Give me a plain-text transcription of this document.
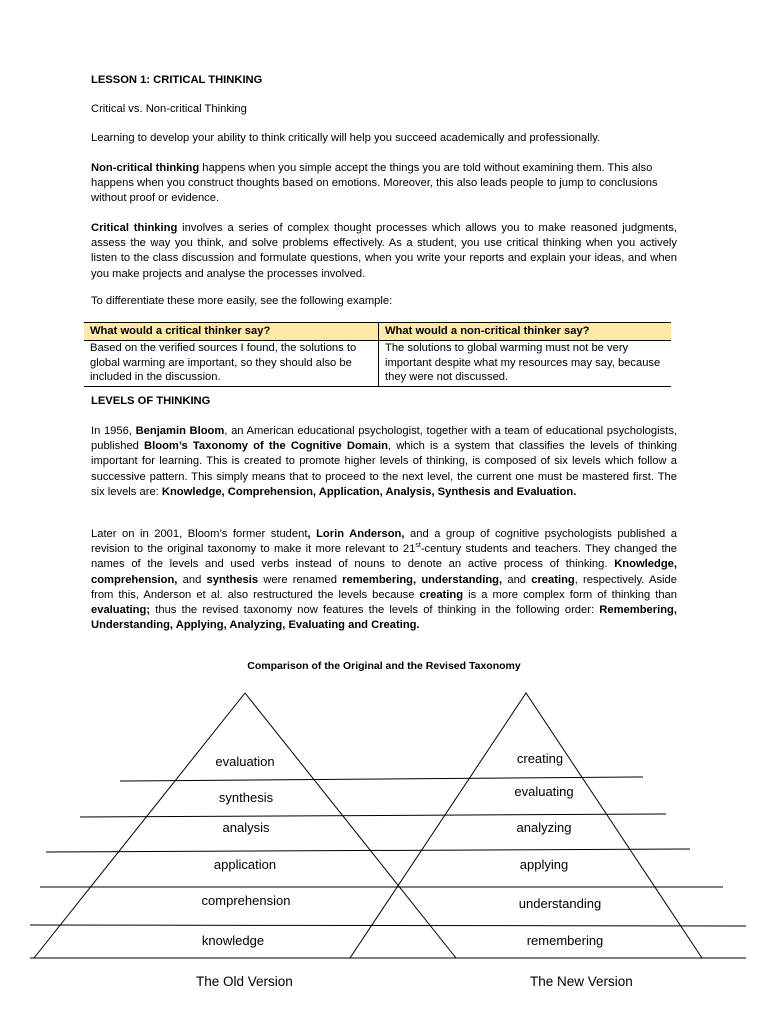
LESSON 1: CRITICAL THINKING
Critical vs. Non-critical Thinking
Learning to develop your ability to think critically will help you succeed academically and professionally.

Non-critical thinking happens when you simple accept the things you are told without examining them. This also happens when you construct thoughts based on emotions. Moreover, this also leads people to jump to conclusions without proof or evidence.

Critical thinking involves a series of complex thought processes which allows you to make reasoned judgments, assess the way you think, and solve problems effectively. As a student, you use critical thinking when you actively listen to the class discussion and formulate questions, when you write your reports and explain your ideas, and when you make projects and analyse the processes involved.

To differentiate these more easily, see the following example:
What would a critical thinker say?	What would a non-critical thinker say?
Based on the verified sources I found, the solutions to global warming are important, so they should also be included in the discussion.	The solutions to global warming must not be very important despite what my resources may say, because they were not discussed.
LEVELS OF THINKING

In 1956, Benjamin Bloom, an American educational psychologist, together with a team of educational psychologists, published Bloom’s Taxonomy of the Cognitive Domain, which is a system that classifies the levels of thinking important for learning. This is created to promote higher levels of thinking, is composed of six levels which follow a successive pattern. This simply means that to proceed to the next level, the current one must be mastered first. The six levels are: Knowledge, Comprehension, Application, Analysis, Synthesis and Evaluation.

Later on in 2001, Bloom’s former student, Lorin Anderson, and a group of cognitive psychologists published a revision to the original taxonomy to make it more relevant to 21st-century students and teachers. They changed the names of the levels and used verbs instead of nouns to denote an active process of thinking. Knowledge, comprehension, and synthesis were renamed remembering, understanding, and creating, respectively. Aside from this, Anderson et al. also restructured the levels because creating is a more complex form of thinking than evaluating; thus the revised taxonomy now features the levels of thinking in the following order: Remembering, Understanding, Applying, Analyzing, Evaluating and Creating.

Comparison of the Original and the Revised Taxonomy
evaluation
synthesis
analysis
application
comprehension
knowledge
creating
evaluating
analyzing
applying
understanding
remembering
The Old Version	The New Version
